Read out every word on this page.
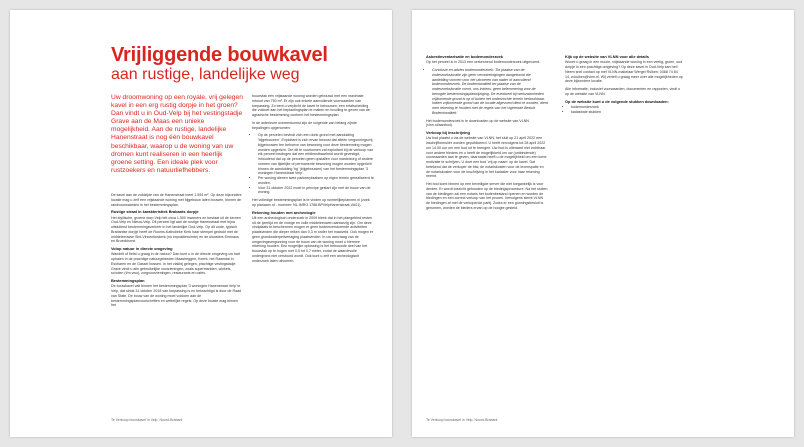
Vrijliggende bouwkavel
aan rustige, landelijke weg

Uw droomwoning op een royale, vrij gelegen kavel in een erg rustig dorpje in het groen? Dan vindt u in Oud-Velp bij het vestingstadje Grave aan de Maas een unieke mogelijkheid. Aan de rustige, landelijke Hanenstraat is nog één bouwkavel beschikbaar, waarop u de woning van uw dromen kunt realiseren in een heerlijk groene setting. Een ideale plek voor rustzoekers en natuurliefhebbers.

De kavel aan de zuidzijde van de Hanenstraat meet 1.594 m². Op deze bijzondere locatie mag u zelf een vrijstaande woning met bijgebouw laten bouwen, binnen de randvoorwaarden in het bestemmingsplan.

Rustige straat in karakteristiek Brabants dorpje

Het idyllische, groene dorp Velp telt circa 1.500 inwoners en bestaat uit de kernen Oud-Velp en Nieuw-Velp. Dit perceel ligt aan de rustige Hanenstraat met bijna uitsluitend bestemmingsverkeer in het landelijke Oud-Velp. Op dit oude, typisch Brabantse dorpje heeft de Rooms-Katholieke Kerk haar stempel gedrukt met de middeleeuwse Sint-Vincentiuskerk (nu expositieruimte) en de kloosters Emmaus en Broeckhorst.

Volop natuur in directe omgeving

Wandelt of fietst u graag in de natuur? Dan kunt u in de directe omgeving uw hart ophalen in de prachtige natuurgebieden Maasheggen, Keent, het Raamdal in Escharen en de Gassel bossen. In het vlakbij gelegen, prachtige vestingstadje Grave vindt u alle gebruikelijke voorzieningen, zoals supermarkten, winkels, scholen (t/m vwo), zorgvoorzieningen, restaurants en cafés.

Bestemmingsplan

De bouwkavel valt binnen het bestemmingsplan '3 woningen Hanenstraat Velp' te Velp, dat sinds 31 oktober 2018 van toepassing is en bekrachtigd is door de Raad van State. De bouw van de woning moet voldoen aan de bestemmingsplanvoorschriften en wettelijke regels. Op deze locatie mag binnen het

bouwvlak één vrijstaande woning worden gebouwd met een maximale inhoud van 750 m³. Er zijn ook enkele aanvullende voorwaarden van toepassing. Zo bent u verplicht de kavel te bebouwen, een erfafscheiding die voldoet aan het beplantingsplan te maken en invulling te geven van de agrarische bestemming conform het bestemmingsplan.

In de anterieure overeenkomst zijn de volgende van belang zijnde bepalingen opgenomen:

• Op de percelen bevindt zich een donk grond met aanduiding 'bijgebouwen'. Exploitant is zich ervan bewust dat alléén vergunningsvrij bijgebouwen ten behoeve van bewoning voor deze bestemming mogen worden opgericht. Om dit te voorkomen zal exploitant bij de verkoop van elk perceel bedingen dat een erfdienstbaarheid wordt gevestigd, inhoudend dat op de percelen geen opstallen voor mantelzorg of andere vormen van tijdelijke of permanente bewoning mogen worden opgericht binnen de aanduiding 'bg' (bijgebouwen) van het bestemmingsplan '3 woningen Hanenstraat Velp'.
• Per woning dienen twee parkeerplaatsen op eigen terrein gerealiseerd te worden.
• Voor 31 oktober 2022 moet in principe gestart zijn met de bouw van de woning.

Het volledige bestemmingsplan is te vinden op ruimtelijkeplannen.nl (zoek op planaam of - nummer: NL.IMRO.1786.BPVelpHanenstraat-VA01).

Rekening houden met archeologie

Uit een archeologisch onderzoek in 2009 bleek dat in het plangebied resten uit de ijzertijd en de vroege en volle middeleeuwen aanwezig zijn. Om deze vindplaats te beschermen mogen er geen bodemverstorende activiteiten plaatsvinden die dieper reiken dan 0,3 m onder het maaiveld. Ook mogen er geen grondwaterpeilverlaging plaatsvinden. In uw aanvraag van de omgevingsvergunning voor de bouw van de woning moet u hiermee rekening houden. Een mogelijke oplossing is het bebouwde deel van het bouwvlak op te hogen met 0,5 tot 0,7 meter, zodat de waardevolle ondergrond niet verstoord wordt. Ook kunt u zelf een archeologisch onderzoek laten uitvoeren.

Te Verkoop bouwkavel in Velp, Noord-Brabant
Asbestinventarisatie en bodemonderzoek

Op het perceel is in 2013 een verkennend bodemonderzoek uitgevoerd.

• Conclusie en advies bodemonderzoek: 'De plaatse van de onderzoekslocatie zijn geen verontreinigingen aangetoond die aanleiding vormen voor het uitvoeren van nader of aanvullend bodemonderzoek. De bodemkwaliteit ter plaatse van de onderzoekslocatie vormt, ons inziens, geen belemmering voor de beoogde bestemmingsplanwijziging. De eventueel bij werkzaamheden vrijkomende grond is op of buiten het onderzochte terrein herbruikbaar. Indien vrijkomende grond van de locatie afgevoerd dient te worden, dient men rekening te houden met de regels van het vigerende Besluit Bodemkwaliteit.'

Het bodemonderzoek is te downloaden op de website van VLNN (vlnn.nl/aanbod).

Verkoop bij inschrijving

Uw bod plaatst u via de website van VLNN, het sluit op 21 april 2022 een inschrijfformulier worden gepubliceerd. U heeft vervolgens tot 28 april 2022 om 14.00 uur om een bod uit te brengen. Uw bod is uiteraard niet zichtbaar voor andere bieders en u heeft de mogelijkheid om uw (ontbindende) voorwaarden aan te geven, daarnaast heeft u de mogelijkheid om een korte motivatie te schrijven. U doet een bod 'vrij op naam' op de kavel. Dat betekend dat de verkoper de btw, de notariskosten voor de levenspalte en de notariskosten voor de inschrijving in het kadaster voor haar rekening neemt.

Het bod komt binnen op een beveiligde server die niet toegankelijk is voor derden. Er wordt toezicht gehouden op de biedingsprocedure. Na het sluiten van de biedingen zal een notaris het bodenbestand openen en worden de biedingen en een correct verloop van het proces. Vervolgens stemt VLNN de biedingen af met de verkopende partij. Zodra er een gunningsbesluit is genomen, worden de bieders ervan op de hoogte gesteld.

Kijk op de website van VLNN voor alle details

Woont u graag in een mooie, vrijstaande woning in een veelig, groen, oud dorpje in een prachtige omgeving? Op deze kavel in Oud-Velp kan het! Neem snel contact op met VLNN-makelaar Wergel Rulken: 0368 74 84 14, w.kulken@vlnn.nl. Wij vertelt u graag meer over alle mogelijkheden op deze bijzondere locatie.

Alle informatie, inclusief voorwaarden, documenten en rapporten, vindt u op de website van VLNN.

Op de website kunt u de volgende stukken downloaden:
• bodemonderzoek
• kadastrale stukken
Te Verkoop bouwkavel in Velp, Noord-Brabant
